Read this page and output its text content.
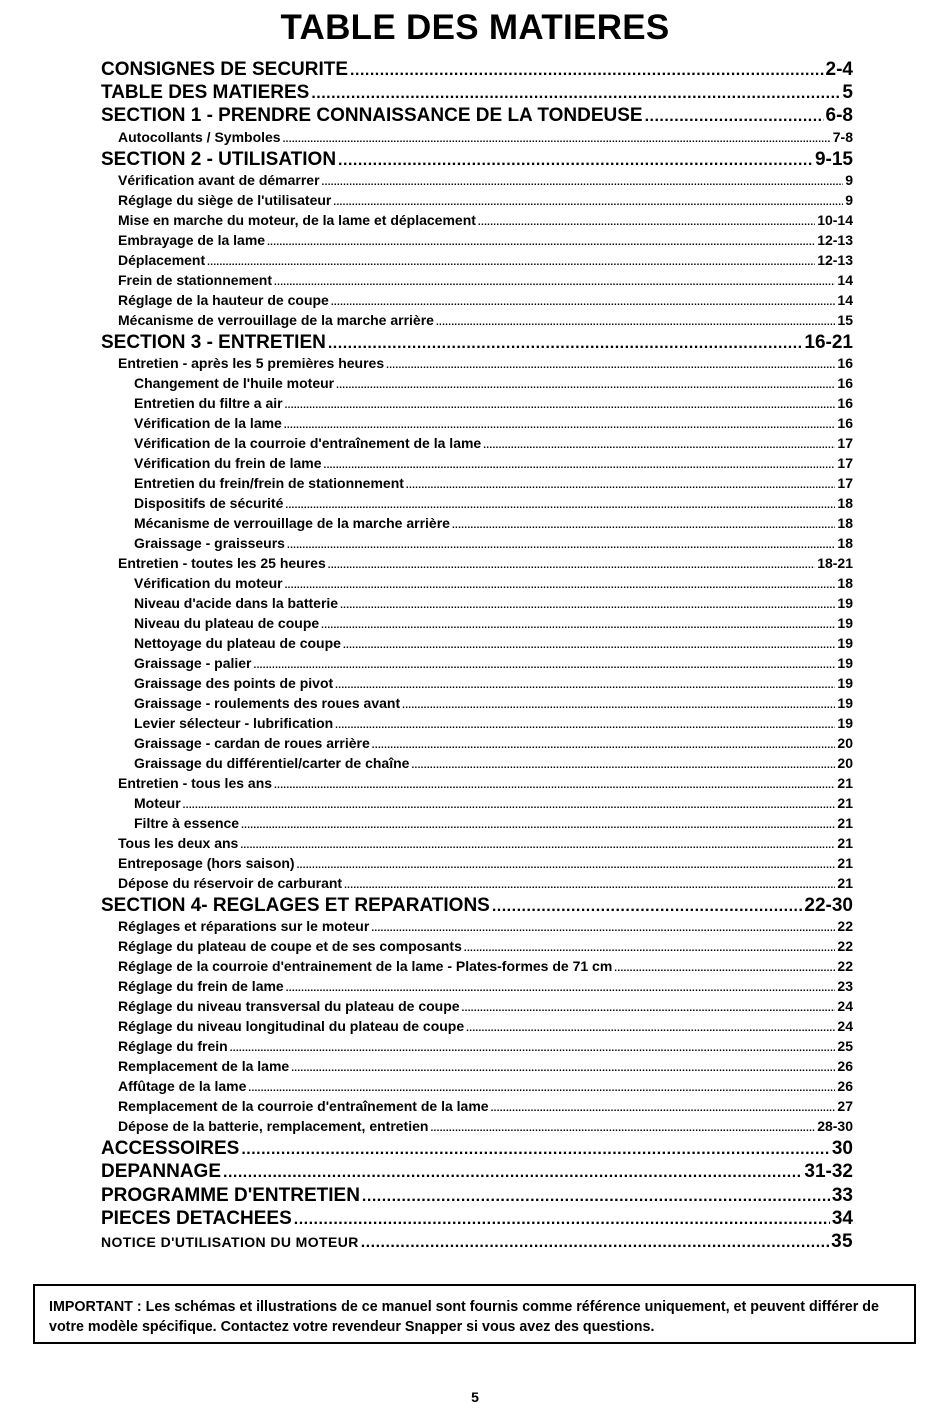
TABLE DES MATIERES
CONSIGNES DE SECURITE .....	2-4
TABLE DES MATIERES .....	5
SECTION 1 - PRENDRE CONNAISSANCE DE LA TONDEUSE .....	6-8
Autocollants / Symboles .....	7-8
SECTION 2 - UTILISATION .....	9-15
Vérification avant de démarrer .....	9
Réglage du siège de l'utilisateur .....	9
Mise en marche du moteur, de la lame et déplacement .....	10-14
Embrayage de la lame .....	12-13
Déplacement .....	12-13
Frein de stationnement .....	14
Réglage de la hauteur de coupe .....	14
Mécanisme de verrouillage de la marche arrière .....	15
SECTION 3 - ENTRETIEN .....	16-21
Entretien - après les 5 premières heures .....	16
Changement de l'huile moteur .....	16
Entretien du filtre a air .....	16
Vérification de la lame .....	16
Vérification de la courroie d'entraînement de la lame .....	17
Vérification du frein de lame .....	17
Entretien du frein/frein de stationnement .....	17
Dispositifs de sécurité .....	18
Mécanisme de verrouillage de la marche arrière .....	18
Graissage - graisseurs .....	18
Entretien - toutes les 25 heures .....	18-21
Vérification du moteur .....	18
Niveau d'acide dans la batterie .....	19
Niveau du plateau de coupe .....	19
Nettoyage du plateau de coupe .....	19
Graissage - palier .....	19
Graissage des points de pivot .....	19
Graissage - roulements des roues avant .....	19
Levier sélecteur - lubrification .....	19
Graissage - cardan de roues arrière .....	20
Graissage du différentiel/carter de chaîne .....	20
Entretien - tous les ans .....	21
Moteur .....	21
Filtre à essence .....	21
Tous les deux ans .....	21
Entreposage (hors saison) .....	21
Dépose du réservoir de carburant .....	21
SECTION 4- REGLAGES ET REPARATIONS .....	22-30
Réglages et réparations sur le moteur .....	22
Réglage du plateau de coupe et de ses composants .....	22
Réglage de la courroie d'entrainement de la lame - Plates-formes de 71 cm .....	22
Réglage du frein de lame .....	23
Réglage du niveau transversal du plateau de coupe .....	24
Réglage du niveau longitudinal du plateau de coupe .....	24
Réglage du frein .....	25
Remplacement de la lame .....	26
Affûtage de la lame .....	26
Remplacement de la courroie d'entraînement de la lame .....	27
Dépose de la batterie, remplacement, entretien .....	28-30
ACCESSOIRES .....	30
DEPANNAGE .....	31-32
PROGRAMME D'ENTRETIEN .....	33
PIECES DETACHEES .....	34
NOTICE D'UTILISATION DU MOTEUR .....	35
IMPORTANT : Les schémas et illustrations de ce manuel sont fournis comme référence uniquement, et peuvent différer de votre modèle spécifique. Contactez votre revendeur Snapper si vous avez des questions.
5
